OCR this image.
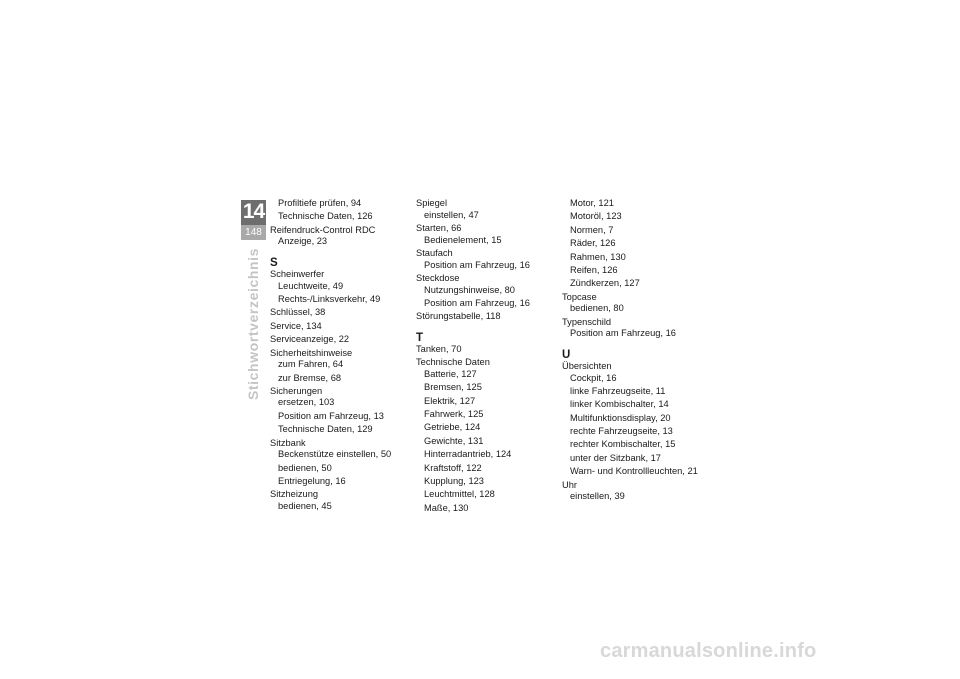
14
148
Stichwortverzeichnis
Profiltiefe prüfen, 94
Technische Daten, 126
Reifendruck-Control RDC
Anzeige, 23
S
Scheinwerfer
Leuchtweite, 49
Rechts-/Linksverkehr, 49
Schlüssel, 38
Service, 134
Serviceanzeige, 22
Sicherheitshinweise
zum Fahren, 64
zur Bremse, 68
Sicherungen
ersetzen, 103
Position am Fahrzeug, 13
Technische Daten, 129
Sitzbank
Beckenstütze einstellen, 50
bedienen, 50
Entriegelung, 16
Sitzheizung
bedienen, 45
Spiegel
einstellen, 47
Starten, 66
Bedienelement, 15
Staufach
Position am Fahrzeug, 16
Steckdose
Nutzungshinweise, 80
Position am Fahrzeug, 16
Störungstabelle, 118
T
Tanken, 70
Technische Daten
Batterie, 127
Bremsen, 125
Elektrik, 127
Fahrwerk, 125
Getriebe, 124
Gewichte, 131
Hinterradantrieb, 124
Kraftstoff, 122
Kupplung, 123
Leuchtmittel, 128
Maße, 130
Motor, 121
Motoröl, 123
Normen, 7
Räder, 126
Rahmen, 130
Reifen, 126
Zündkerzen, 127
Topcase
bedienen, 80
Typenschild
Position am Fahrzeug, 16
U
Übersichten
Cockpit, 16
linke Fahrzeugseite, 11
linker Kombischalter, 14
Multifunktionsdisplay, 20
rechte Fahrzeugseite, 13
rechter Kombischalter, 15
unter der Sitzbank, 17
Warn- und Kontrollleuchten, 21
Uhr
einstellen, 39
carmanualsonline.info
